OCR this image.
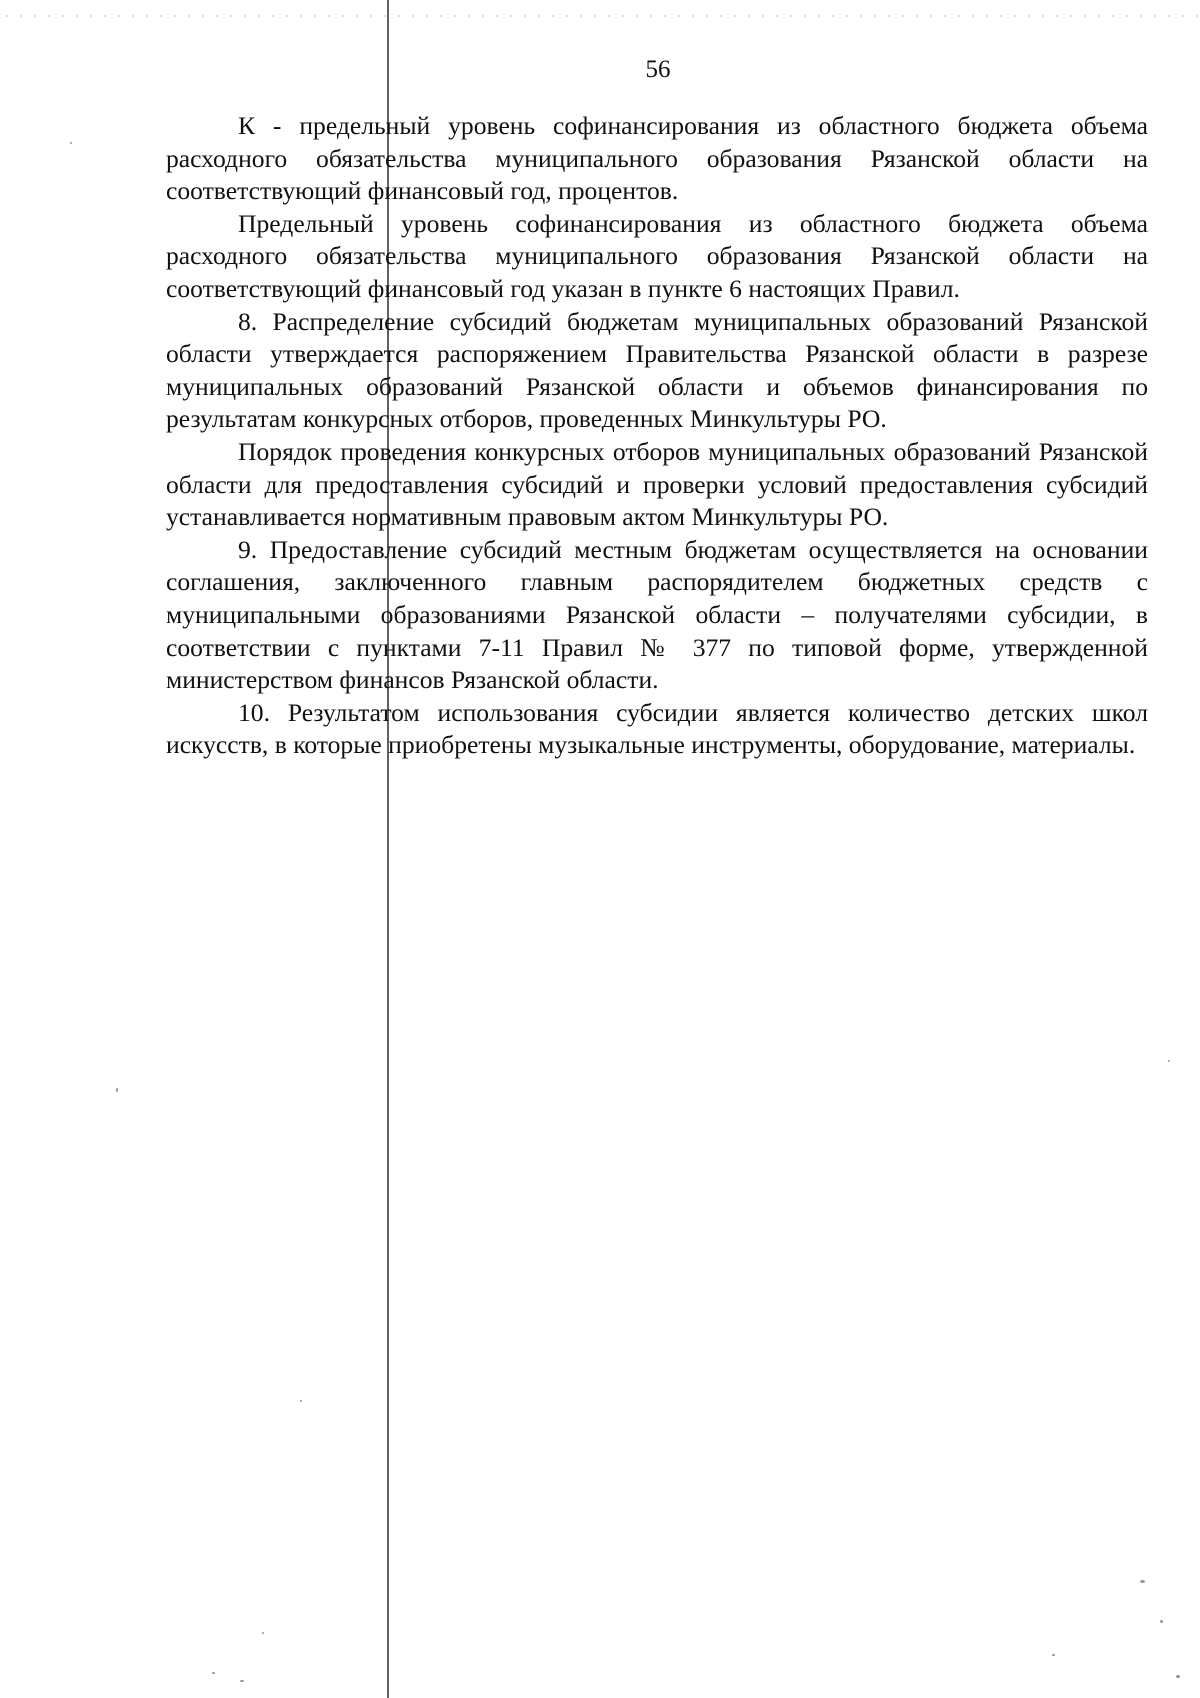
56

К - предельный уровень софинансирования из областного бюджета объема расходного обязательства муниципального образования Рязанской области на соответствующий финансовый год, процентов.

Предельный уровень софинансирования из областного бюджета объема расходного обязательства муниципального образования Рязанской области на соответствующий финансовый год указан в пункте 6 настоящих Правил.

8. Распределение субсидий бюджетам муниципальных образований Рязанской области утверждается распоряжением Правительства Рязанской области в разрезе муниципальных образований Рязанской области и объемов финансирования по результатам конкурсных отборов, проведенных Минкультуры РО.

Порядок проведения конкурсных отборов муниципальных образований Рязанской области для предоставления субсидий и проверки условий предоставления субсидий устанавливается нормативным правовым актом Минкультуры РО.

9. Предоставление субсидий местным бюджетам осуществляется на основании соглашения, заключенного главным распорядителем бюджетных средств с муниципальными образованиями Рязанской области – получателями субсидии, в соответствии с пунктами 7-11 Правил № 377 по типовой форме, утвержденной министерством финансов Рязанской области.

10. Результатом использования субсидии является количество детских школ искусств, в которые приобретены музыкальные инструменты, оборудование, материалы.
